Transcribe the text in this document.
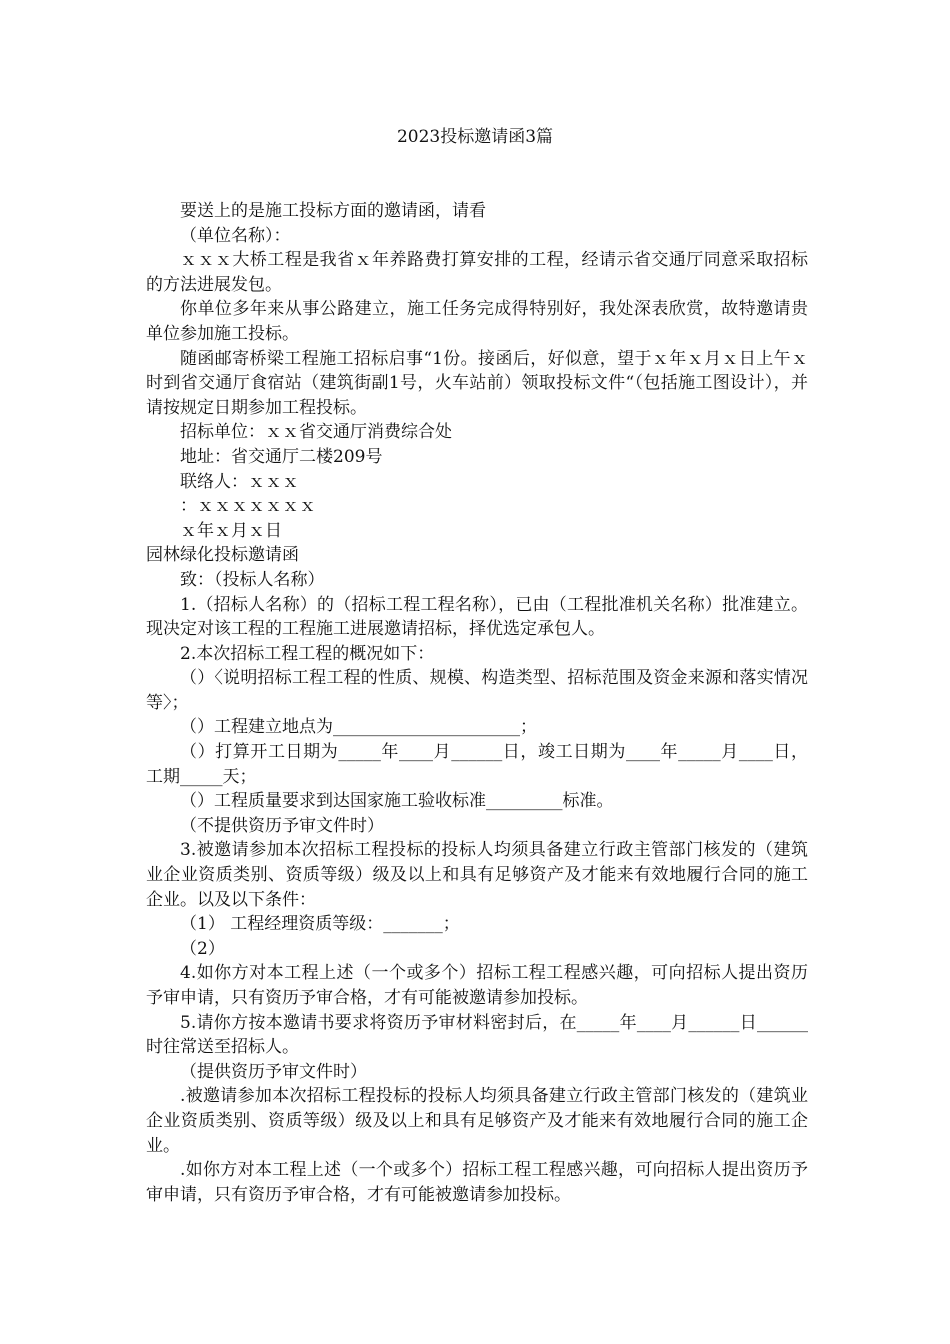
2023投标邀请函3篇

要送上的是施工投标方面的邀请函，请看

（单位名称）：

ｘｘｘ大桥工程是我省ｘ年养路费打算安排的工程，经请示省交通厅同意采取招标的方法进展发包。

你单位多年来从事公路建立，施工任务完成得特别好，我处深表欣赏，故特邀请贵单位参加施工投标。

随函邮寄桥梁工程施工招标启事“1份。接函后，好似意，望于ｘ年ｘ月ｘ日上午ｘ时到省交通厅食宿站（建筑街副1号，火车站前）领取投标文件“（包括施工图设计），并请按规定日期参加工程投标。

招标单位：ｘｘ省交通厅消费综合处

地址：省交通厅二楼209号

联络人：ｘｘｘ

：ｘｘｘｘｘｘｘ

ｘ年ｘ月ｘ日

园林绿化投标邀请函

致：（投标人名称）

1.（招标人名称）的（招标工程工程名称），已由（工程批准机关名称）批准建立。现决定对该工程的工程施工进展邀请招标，择优选定承包人。

2.本次招标工程工程的概况如下：

（）〈说明招标工程工程的性质、规模、构造类型、招标范围及资金来源和落实情况等〉；

（）工程建立地点为______________________；

（）打算开工日期为_____年____月______日，竣工日期为____年_____月____日，工期_____天；

（）工程质量要求到达国家施工验收标准_________标准。

（不提供资历予审文件时）

3.被邀请参加本次招标工程投标的投标人均须具备建立行政主管部门核发的（建筑业企业资质类别、资质等级）级及以上和具有足够资产及才能来有效地履行合同的施工企业。以及以下条件：

（1） 工程经理资质等级：_______；

（2）

4.如你方对本工程上述（一个或多个）招标工程工程感兴趣，可向招标人提出资历予审申请，只有资历予审合格，才有可能被邀请参加投标。

5.请你方按本邀请书要求将资历予审材料密封后，在_____年____月______日______时往常送至招标人。

（提供资历予审文件时）

.被邀请参加本次招标工程投标的投标人均须具备建立行政主管部门核发的（建筑业企业资质类别、资质等级）级及以上和具有足够资产及才能来有效地履行合同的施工企业。

.如你方对本工程上述（一个或多个）招标工程工程感兴趣，可向招标人提出资历予审申请，只有资历予审合格，才有可能被邀请参加投标。
